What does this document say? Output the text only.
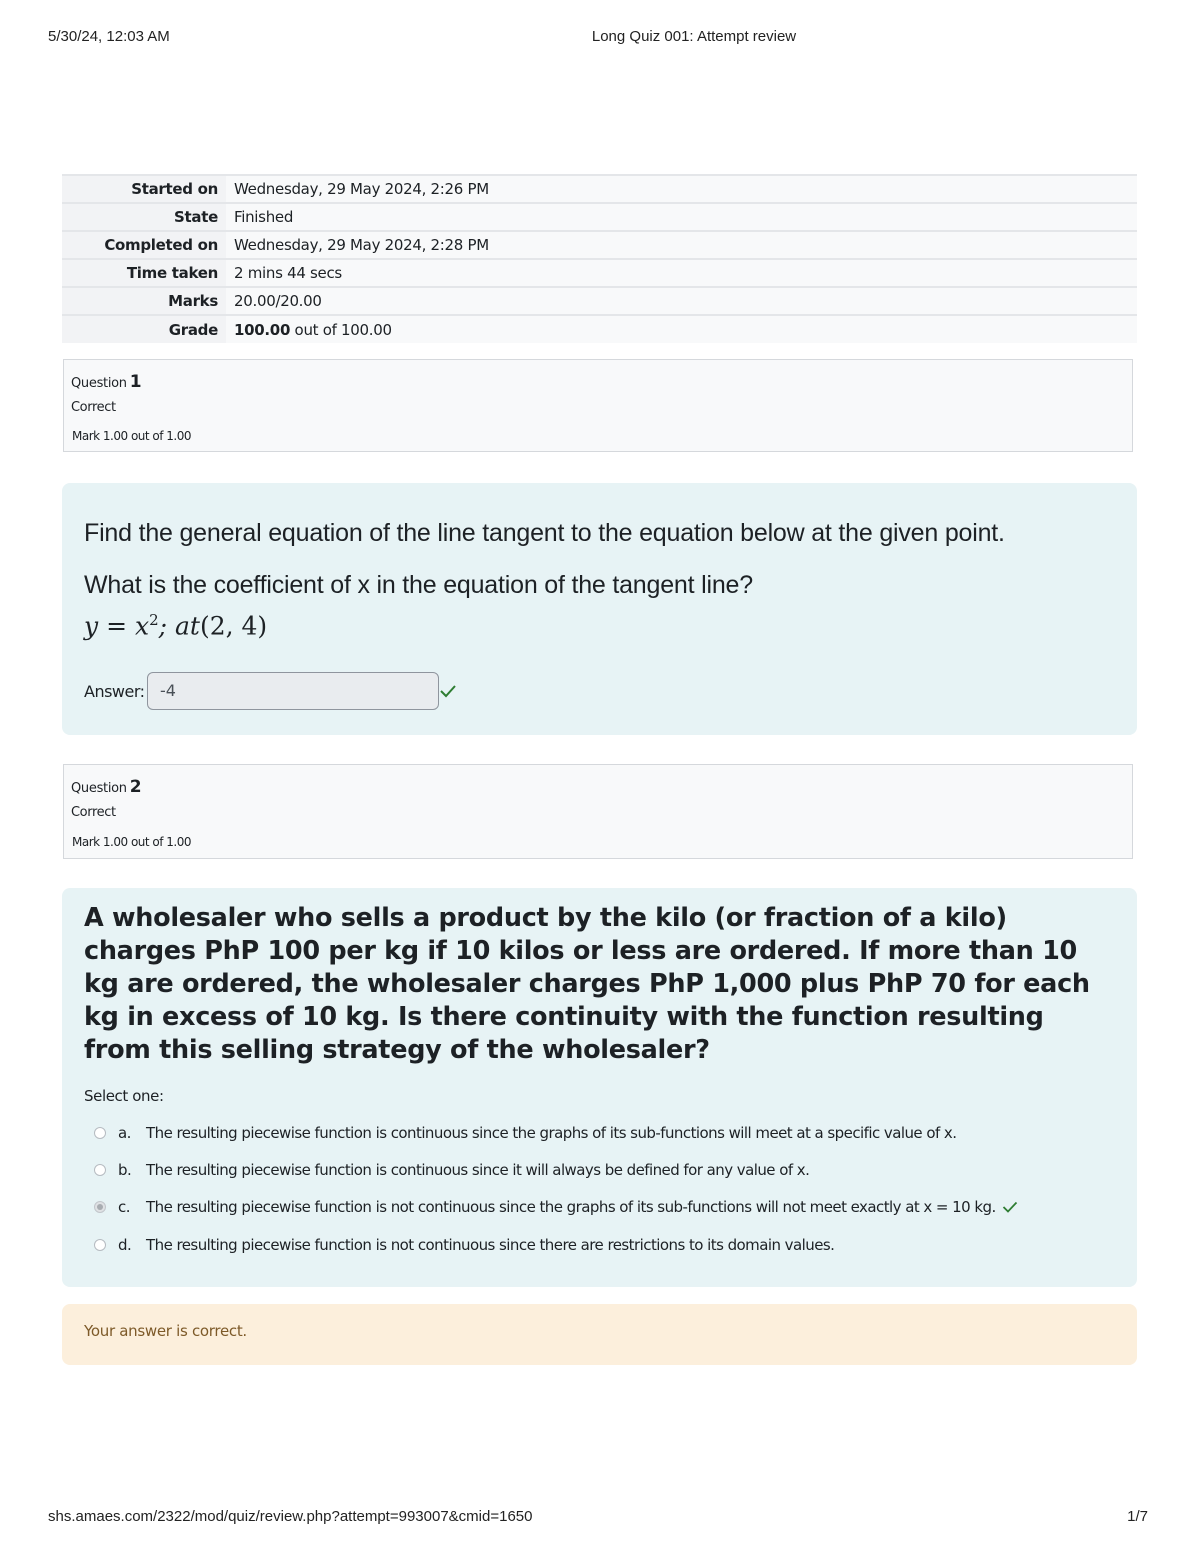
5/30/24, 12:03 AM	Long Quiz 001: Attempt review
Started on	Wednesday, 29 May 2024, 2:26 PM
State	Finished
Completed on	Wednesday, 29 May 2024, 2:28 PM
Time taken	2 mins 44 secs
Marks	20.00/20.00
Grade	100.00 out of 100.00
Question 1
Correct
Mark 1.00 out of 1.00
Find the general equation of the line tangent to the equation below at the given point.
What is the coefficient of x in the equation of the tangent line?
$y = x^2$; at(2, 4)
Answer: -4
Question 2
Correct
Mark 1.00 out of 1.00
A wholesaler who sells a product by the kilo (or fraction of a kilo) charges PhP 100 per kg if 10 kilos or less are ordered. If more than 10 kg are ordered, the wholesaler charges PhP 1,000 plus PhP 70 for each kg in excess of 10 kg. Is there continuity with the function resulting from this selling strategy of the wholesaler?
Select one:
a. The resulting piecewise function is continuous since the graphs of its sub-functions will meet at a specific value of x.
b. The resulting piecewise function is continuous since it will always be defined for any value of x.
c. The resulting piecewise function is not continuous since the graphs of its sub-functions will not meet exactly at x = 10 kg.
d. The resulting piecewise function is not continuous since there are restrictions to its domain values.
Your answer is correct.
shs.amaes.com/2322/mod/quiz/review.php?attempt=993007&cmid=1650	1/7
